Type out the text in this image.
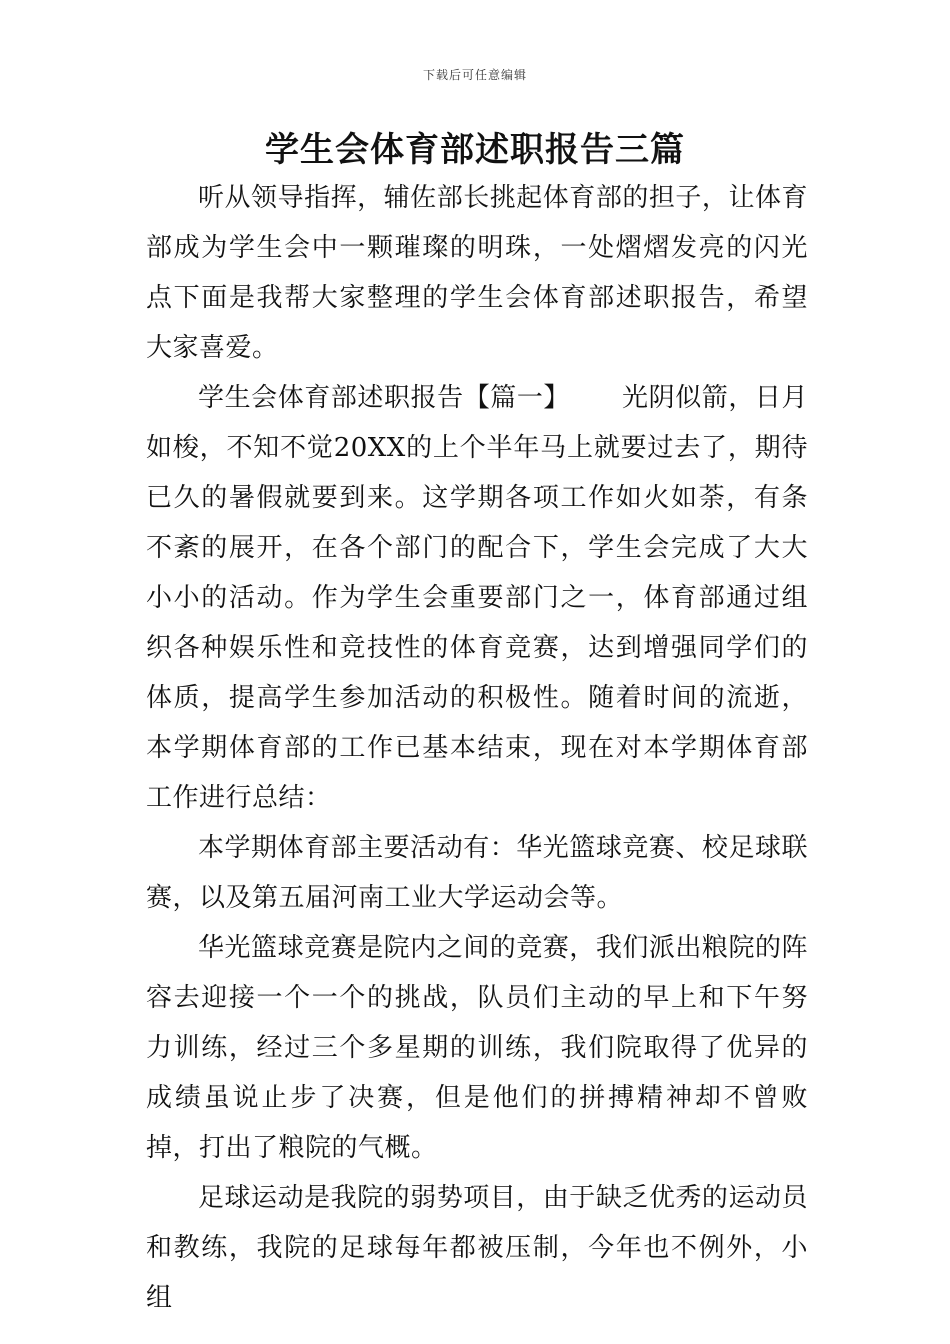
下载后可任意编辑
学生会体育部述职报告三篇

听从领导指挥，辅佐部长挑起体育部的担子，让体育部成为学生会中一颗璀璨的明珠，一处熠熠发亮的闪光点下面是我帮大家整理的学生会体育部述职报告，希望大家喜爱。

学生会体育部述职报告【篇一】 光阴似箭，日月如梭，不知不觉20XX的上个半年马上就要过去了，期待已久的暑假就要到来。这学期各项工作如火如荼，有条不紊的展开，在各个部门的配合下，学生会完成了大大小小的活动。作为学生会重要部门之一，体育部通过组织各种娱乐性和竞技性的体育竞赛，达到增强同学们的体质，提高学生参加活动的积极性。随着时间的流逝，本学期体育部的工作已基本结束，现在对本学期体育部工作进行总结：

本学期体育部主要活动有：华光篮球竞赛、校足球联赛，以及第五届河南工业大学运动会等。

华光篮球竞赛是院内之间的竞赛，我们派出粮院的阵容去迎接一个一个的挑战，队员们主动的早上和下午努力训练，经过三个多星期的训练，我们院取得了优异的成绩虽说止步了决赛，但是他们的拼搏精神却不曾败掉，打出了粮院的气概。

足球运动是我院的弱势项目，由于缺乏优秀的运动员和教练，我院的足球每年都被压制，今年也不例外，小组
